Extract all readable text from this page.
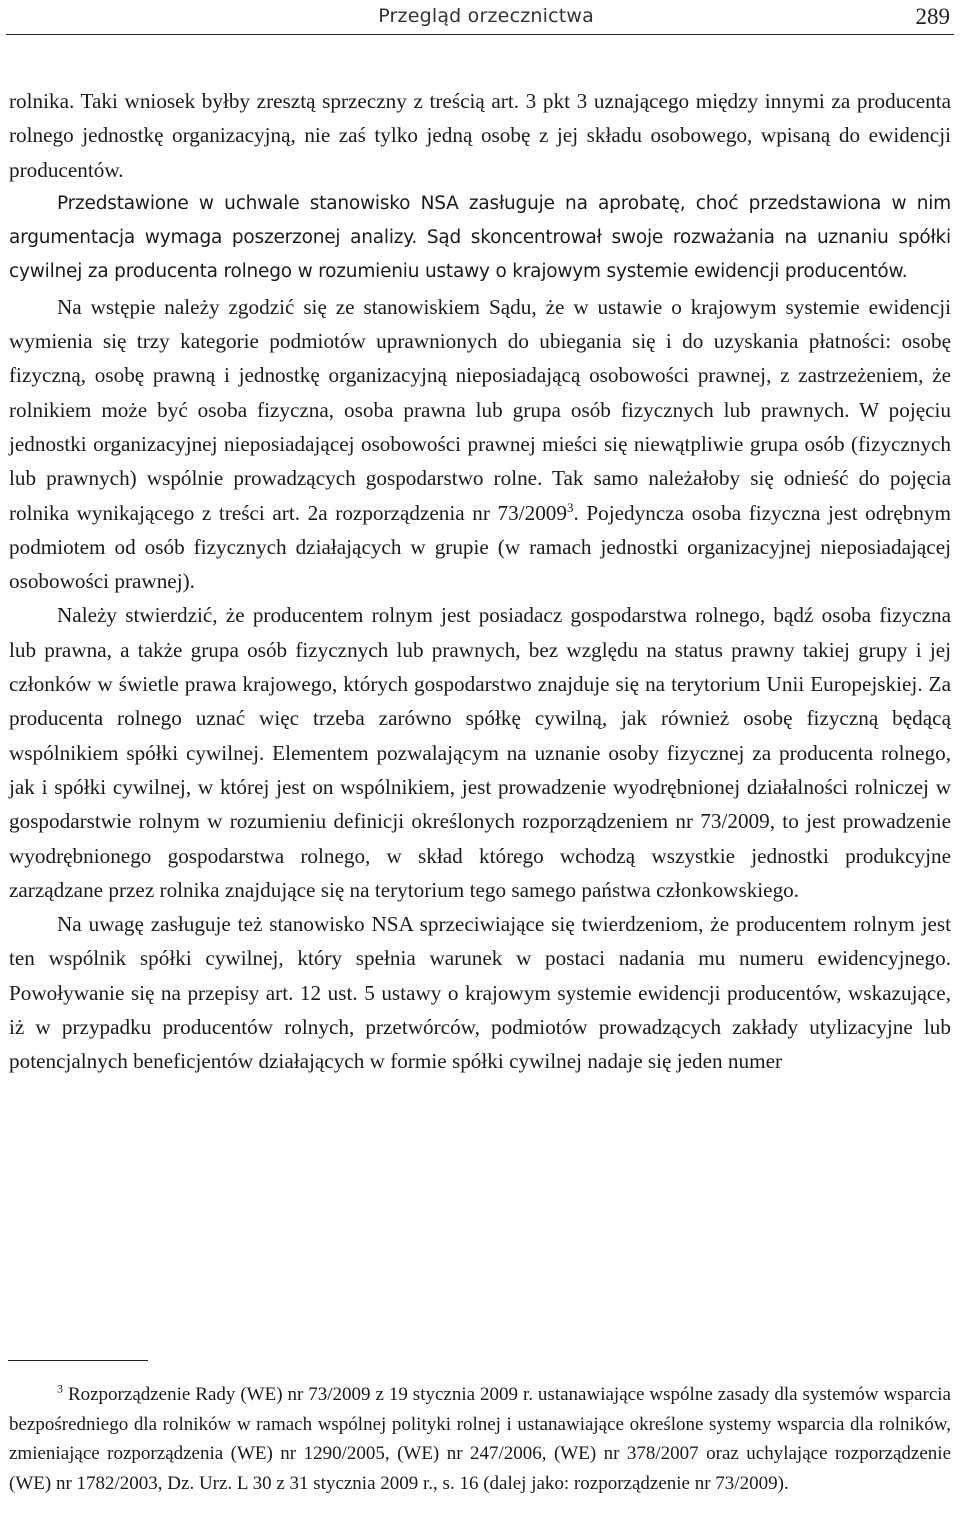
Przegląd orzecznictwa	289

rolnika. Taki wniosek byłby zresztą sprzeczny z treścią art. 3 pkt 3 uznającego między innymi za producenta rolnego jednostkę organizacyjną, nie zaś tylko jedną osobę z jej składu osobowego, wpisaną do ewidencji producentów.

Przedstawione w uchwale stanowisko NSA zasługuje na aprobatę, choć przedstawiona w nim argumentacja wymaga poszerzonej analizy. Sąd skoncentrował swoje rozważania na uznaniu spółki cywilnej za producenta rolnego w rozumieniu ustawy o krajowym systemie ewidencji producentów.

Na wstępie należy zgodzić się ze stanowiskiem Sądu, że w ustawie o krajowym systemie ewidencji wymienia się trzy kategorie podmiotów uprawnionych do ubiegania się i do uzyskania płatności: osobę fizyczną, osobę prawną i jednostkę organizacyjną nieposiadającą osobowości prawnej, z zastrzeżeniem, że rolnikiem może być osoba fizyczna, osoba prawna lub grupa osób fizycznych lub prawnych. W pojęciu jednostki organizacyjnej nieposiadającej osobowości prawnej mieści się niewątpliwie grupa osób (fizycznych lub prawnych) wspólnie prowadzących gospodarstwo rolne. Tak samo należałoby się odnieść do pojęcia rolnika wynikającego z treści art. 2a rozporządzenia nr 73/2009$^3$. Pojedyncza osoba fizyczna jest odrębnym podmiotem od osób fizycznych działających w grupie (w ramach jednostki organizacyjnej nieposiadającej osobowości prawnej).

Należy stwierdzić, że producentem rolnym jest posiadacz gospodarstwa rolnego, bądź osoba fizyczna lub prawna, a także grupa osób fizycznych lub prawnych, bez względu na status prawny takiej grupy i jej członków w świetle prawa krajowego, których gospodarstwo znajduje się na terytorium Unii Europejskiej. Za producenta rolnego uznać więc trzeba zarówno spółkę cywilną, jak również osobę fizyczną będącą wspólnikiem spółki cywilnej. Elementem pozwalającym na uznanie osoby fizycznej za producenta rolnego, jak i spółki cywilnej, w której jest on wspólnikiem, jest prowadzenie wyodrębnionej działalności rolniczej w gospodarstwie rolnym w rozumieniu definicji określonych rozporządzeniem nr 73/2009, to jest prowadzenie wyodrębnionego gospodarstwa rolnego, w skład którego wchodzą wszystkie jednostki produkcyjne zarządzane przez rolnika znajdujące się na terytorium tego samego państwa członkowskiego.

Na uwagę zasługuje też stanowisko NSA sprzeciwiające się twierdzeniom, że producentem rolnym jest ten wspólnik spółki cywilnej, który spełnia warunek w postaci nadania mu numeru ewidencyjnego. Powoływanie się na przepisy art. 12 ust. 5 ustawy o krajowym systemie ewidencji producentów, wskazujące, iż w przypadku producentów rolnych, przetwórców, podmiotów prowadzących zakłady utylizacyjne lub potencjalnych beneficjentów działających w formie spółki cywilnej nadaje się jeden numer

$^3$ Rozporządzenie Rady (WE) nr 73/2009 z 19 stycznia 2009 r. ustanawiające wspólne zasady dla systemów wsparcia bezpośredniego dla rolników w ramach wspólnej polityki rolnej i ustanawiające określone systemy wsparcia dla rolników, zmieniające rozporządzenia (WE) nr 1290/2005, (WE) nr 247/2006, (WE) nr 378/2007 oraz uchylające rozporządzenie (WE) nr 1782/2003, Dz. Urz. L 30 z 31 stycznia 2009 r., s. 16 (dalej jako: rozporządzenie nr 73/2009).
